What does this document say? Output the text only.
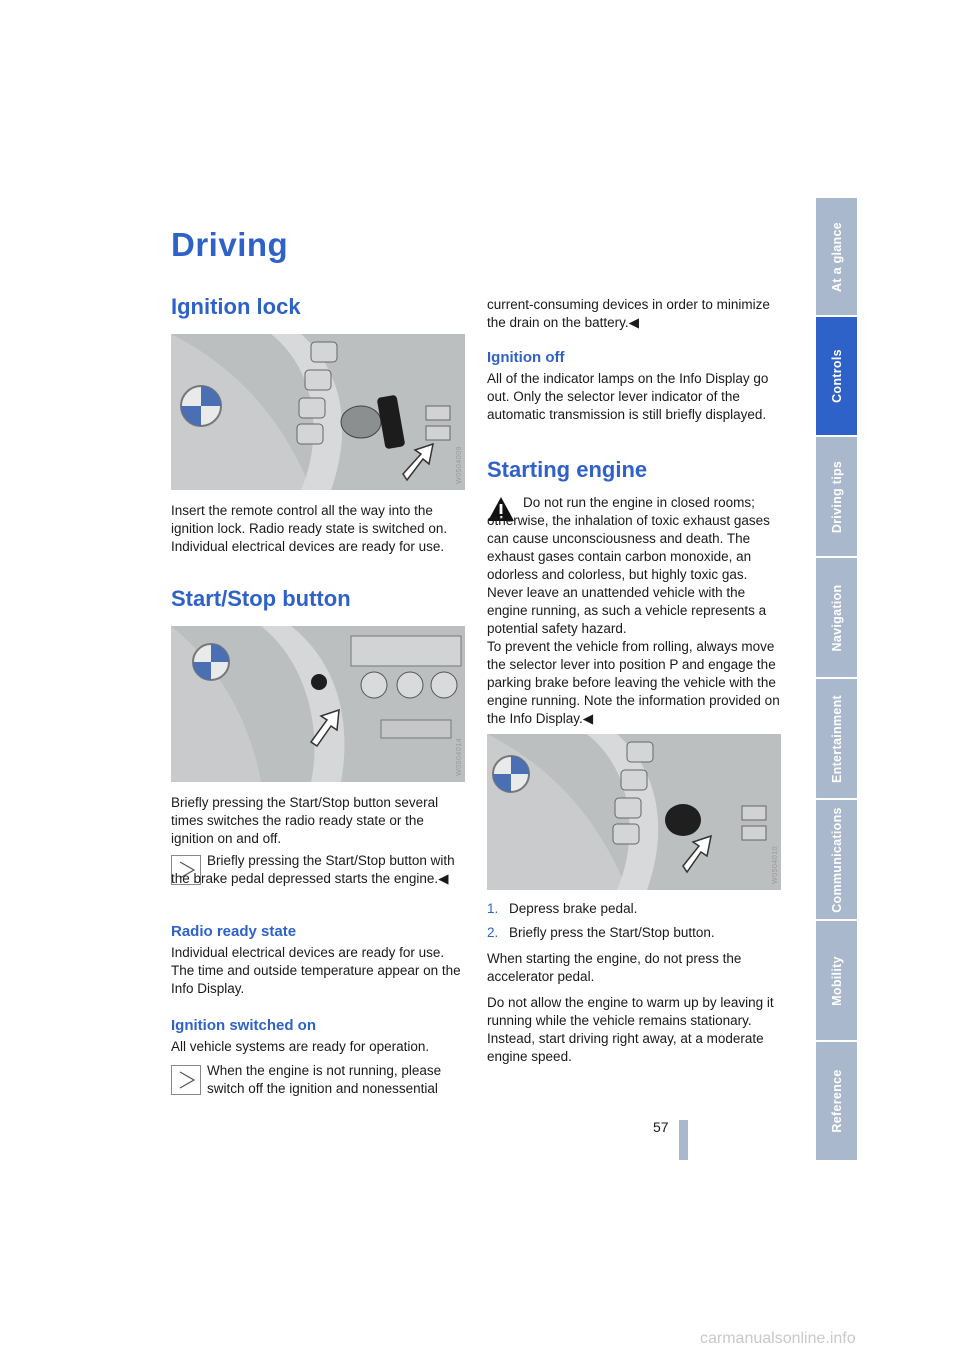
Driving
Ignition lock
W0504009

Insert the remote control all the way into the ignition lock. Radio ready state is switched on. Individual electrical devices are ready for use.

Start/Stop button
W0504014

Briefly pressing the Start/Stop button several times switches the radio ready state or the ignition on and off.

Briefly pressing the Start/Stop button with the brake pedal depressed starts the engine.◀
Radio ready state

Individual electrical devices are ready for use. The time and outside temperature appear on the Info Display.

Ignition switched on

All vehicle systems are ready for operation.

When the engine is not running, please switch off the ignition and nonessential
current-consuming devices in order to minimize the drain on the battery.◀
Ignition off

All of the indicator lamps on the Info Display go out. Only the selector lever indicator of the automatic transmission is still briefly displayed.

Starting engine
Do not run the engine in closed rooms; otherwise, the inhalation of toxic exhaust gases can cause unconsciousness and death. The exhaust gases contain carbon monoxide, an odorless and colorless, but highly toxic gas. Never leave an unattended vehicle with the engine running, as such a vehicle represents a potential safety hazard.
To prevent the vehicle from rolling, always move the selector lever into position P and engage the parking brake before leaving the vehicle with the engine running. Note the information provided on the Info Display.◀
W0504010
1. Depress brake pedal.
2. Briefly press the Start/Stop button.

When starting the engine, do not press the accelerator pedal.

Do not allow the engine to warm up by leaving it running while the vehicle remains stationary. Instead, start driving right away, at a moderate engine speed.

57
At a glance
Controls
Driving tips
Navigation
Entertainment
Communications
Mobility
Reference
carmanualsonline.info
